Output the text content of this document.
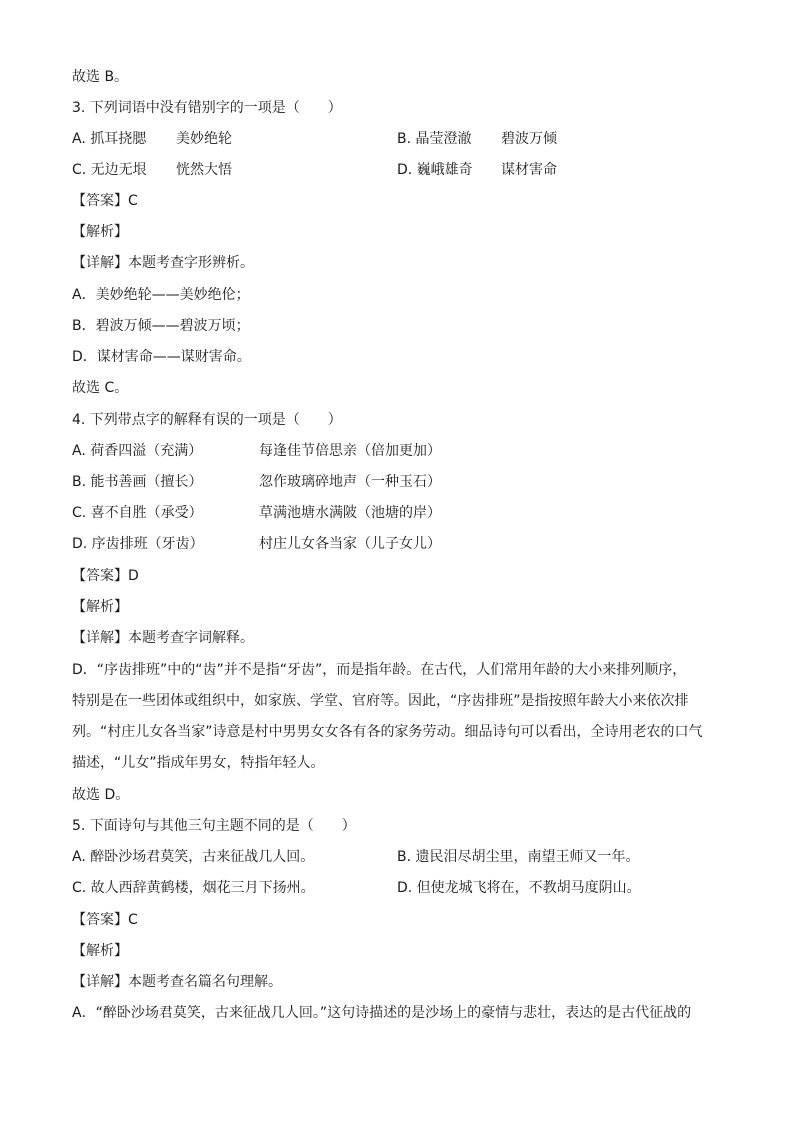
故选 B。
3. 下列词语中没有错别字的一项是（　　）
A. 抓耳挠腮 美妙绝轮	B. 晶莹澄澈 碧波万倾
C. 无边无垠 恍然大悟	D. 巍峨雄奇 谋材害命
【答案】C
【解析】
【详解】本题考查字形辨析。
A．美妙绝轮——美妙绝伦；
B．碧波万倾——碧波万顷；
D．谋材害命——谋财害命。
故选 C。
4. 下列带点字的解释有误的一项是（　　）
A. 荷香四溢（充满）	每逢佳节倍思亲（倍加更加）
B. 能书善画（擅长）	忽作玻璃碎地声（一种玉石）
C. 喜不自胜（承受）	草满池塘水满陂（池塘的岸）
D. 序齿排班（牙齿）	村庄儿女各当家（儿子女儿）
【答案】D
【解析】
【详解】本题考查字词解释。
D．“序齿排班”中的“齿”并不是指“牙齿”，而是指年龄。在古代，人们常用年龄的大小来排列顺序，
特别是在一些团体或组织中，如家族、学堂、官府等。因此，“序齿排班”是指按照年龄大小来依次排
列。“村庄儿女各当家”诗意是村中男男女女各有各的家务劳动。细品诗句可以看出，全诗用老农的口气
描述，“儿女”指成年男女，特指年轻人。
故选 D。
5. 下面诗句与其他三句主题不同的是（　　）
A. 醉卧沙场君莫笑，古来征战几人回。	B. 遗民泪尽胡尘里，南望王师又一年。
C. 故人西辞黄鹤楼，烟花三月下扬州。	D. 但使龙城飞将在，不教胡马度阴山。
【答案】C
【解析】
【详解】本题考查名篇名句理解。
A．“醉卧沙场君莫笑，古来征战几人回。”这句诗描述的是沙场上的豪情与悲壮，表达的是古代征战的
